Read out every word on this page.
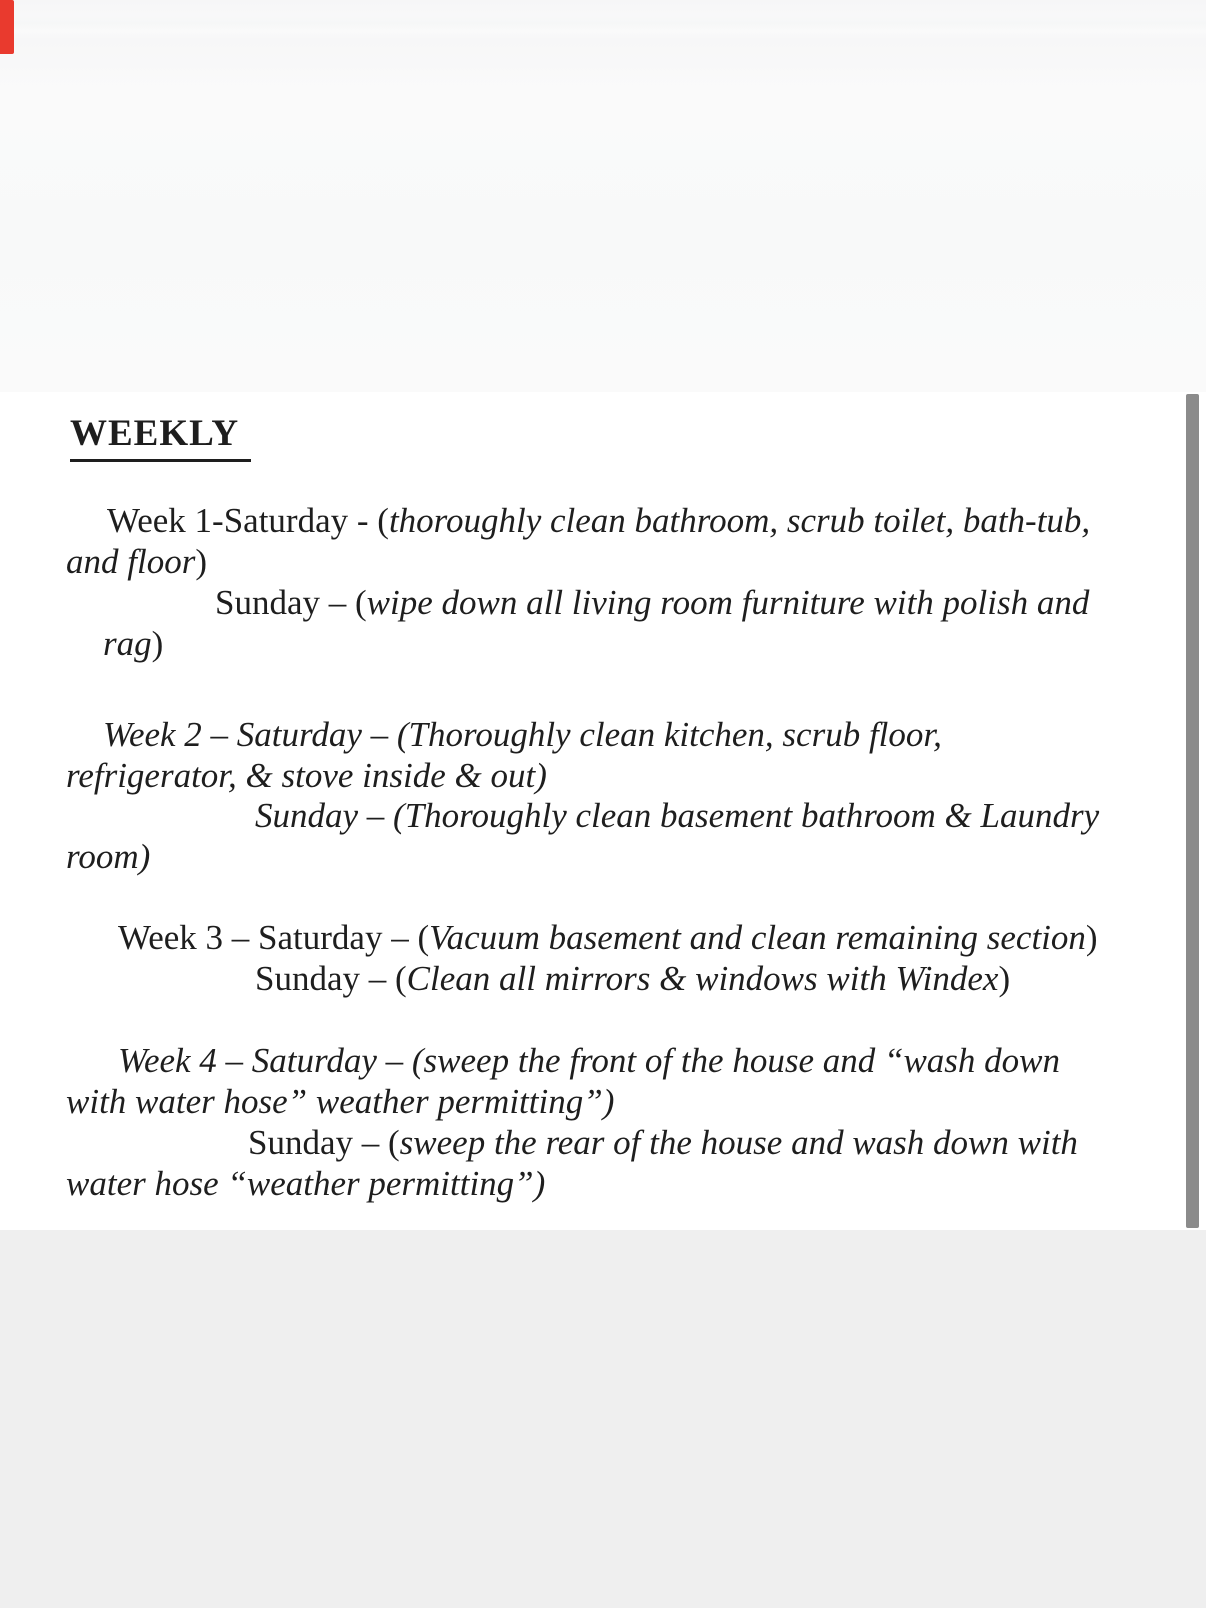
WEEKLY
Week 1-Saturday - (thoroughly clean bathroom, scrub toilet, bath-tub,
and floor)
Sunday – (wipe down all living room furniture with polish and
rag)
Week 2 – Saturday – (Thoroughly clean kitchen, scrub floor,
refrigerator, & stove inside & out)
Sunday – (Thoroughly clean basement bathroom & Laundry
room)
Week 3 – Saturday – (Vacuum basement and clean remaining section)
Sunday – (Clean all mirrors & windows with Windex)
Week 4 – Saturday – (sweep the front of the house and “wash down
with water hose” weather permitting”)
Sunday – (sweep the rear of the house and wash down with
water hose “weather permitting”)
